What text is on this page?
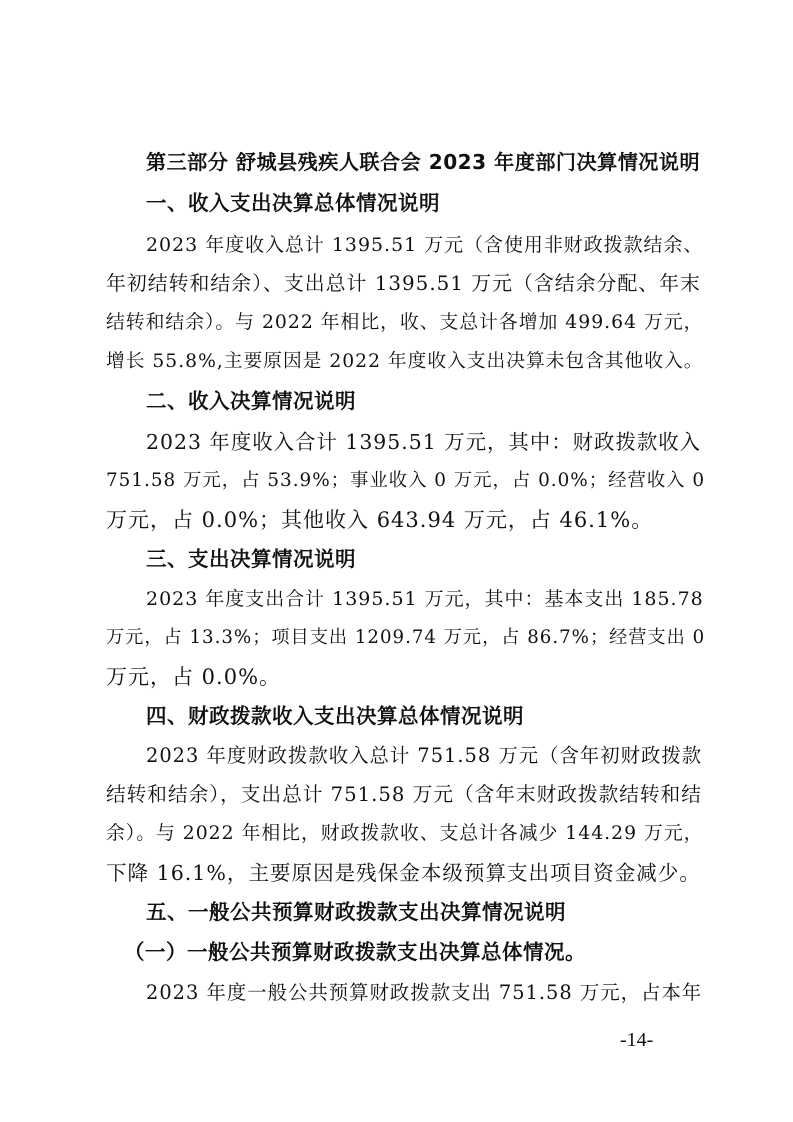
第三部分 舒城县残疾人联合会 2023 年度部门决算情况说明
一、收入支出决算总体情况说明
2023 年度收入总计 1395.51 万元（含使用非财政拨款结余、
年初结转和结余）、支出总计 1395.51 万元（含结余分配、年末
结转和结余）。与 2022 年相比，收、支总计各增加 499.64 万元，
增长 55.8%,主要原因是 2022 年度收入支出决算未包含其他收入。
二、收入决算情况说明
2023 年度收入合计 1395.51 万元，其中：财政拨款收入
751.58 万元，占 53.9%；事业收入 0 万元，占 0.0%；经营收入 0
万元，占 0.0%；其他收入 643.94 万元，占 46.1%。
三、支出决算情况说明
2023 年度支出合计 1395.51 万元，其中：基本支出 185.78
万元，占 13.3%；项目支出 1209.74 万元，占 86.7%；经营支出 0
万元，占 0.0%。
四、财政拨款收入支出决算总体情况说明
2023 年度财政拨款收入总计 751.58 万元（含年初财政拨款
结转和结余），支出总计 751.58 万元（含年末财政拨款结转和结
余）。与 2022 年相比，财政拨款收、支总计各减少 144.29 万元，
下降 16.1%，主要原因是残保金本级预算支出项目资金减少。
五、一般公共预算财政拨款支出决算情况说明
（一）一般公共预算财政拨款支出决算总体情况。
2023 年度一般公共预算财政拨款支出 751.58 万元，占本年
-14-
